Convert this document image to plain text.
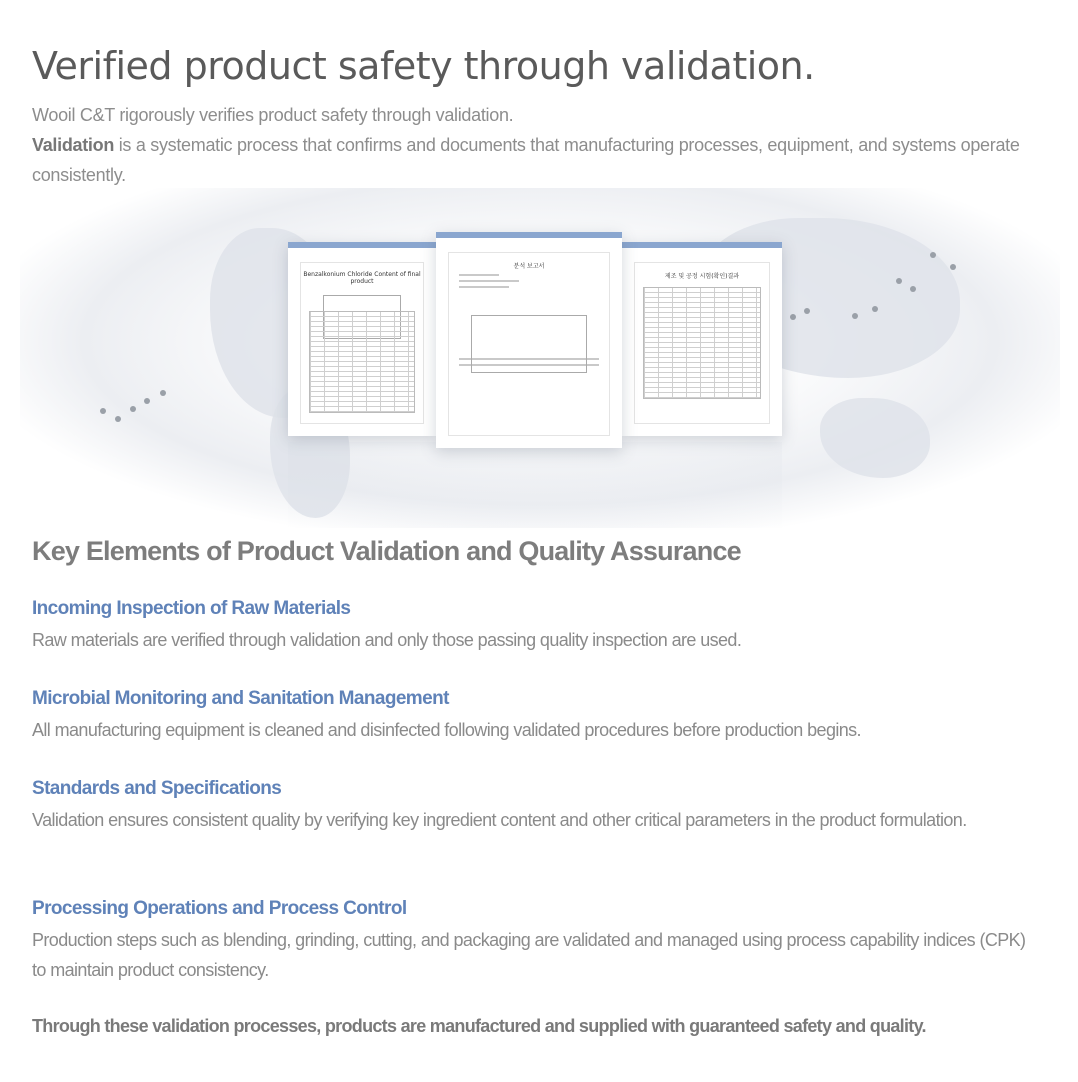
Verified product safety through validation.
Wooil C&T rigorously verifies product safety through validation.
Validation is a systematic process that confirms and documents that manufacturing processes, equipment, and systems operate consistently.
Benzalkonium Chloride Content of final product
분석 보고서
제조 및 공정 시험(확인)결과
Key Elements of Product Validation and Quality Assurance
Incoming Inspection of Raw Materials

Raw materials are verified through validation and only those passing quality inspection are used.

Microbial Monitoring and Sanitation Management

All manufacturing equipment is cleaned and disinfected following validated procedures before production begins.

Standards and Specifications

Validation ensures consistent quality by verifying key ingredient content and other critical parameters in the product formulation.

Processing Operations and Process Control

Production steps such as blending, grinding, cutting, and packaging are validated and managed using process capability indices (CPK) to maintain product consistency.

Through these validation processes, products are manufactured and supplied with guaranteed safety and quality.
